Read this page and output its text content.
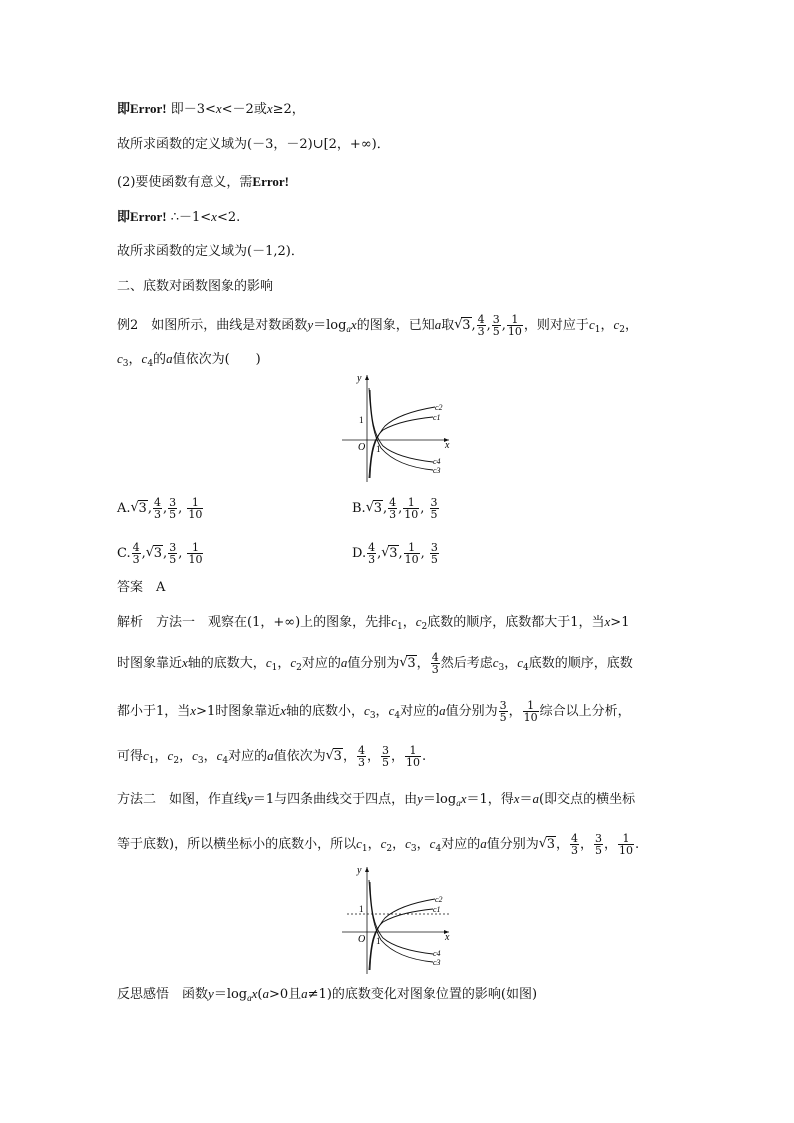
即Error! 即－3<x<－2或x≥2，
故所求函数的定义域为(－3，－2)∪[2，+∞)．
(2)要使函数有意义，需Error!
即Error! ∴－1<x<2.
故所求函数的定义域为(－1,2)．
二、底数对函数图象的影响
例2　 如图所示，曲线是对数函数$y=\log_ax$的图象，已知a取 √ 3, $\frac{4}{3}$ , $\frac{3}{5}$ , $\frac{1}{10}$ ，则对应于$c_1$，$c_2$，
$c_3$，$c_4$的a值依次为(　　)
y
x
O
1
1
c2
c1
c4
c3
A. √ 3, $\frac{4}{3}$ , $\frac{3}{5}$ , $\frac{1}{10}$	B. √ 3, $\frac{4}{3}$ , $\frac{1}{10}$ , $\frac{3}{5}$
C. $\frac{4}{3}$ , √ 3, $\frac{3}{5}$ , $\frac{1}{10}$	D. $\frac{4}{3}$ , √ 3, $\frac{1}{10}$ , $\frac{3}{5}$
答案　 A
解析　 方法一　观察在(1，+∞)上的图象，先排$c_1$，$c_2$底数的顺序，底数都大于1，当x>1
时图象靠近x轴的底数大，$c_1$，$c_2$对应的a值分别为 √ 3， $\frac{4}{3}$ 然后考虑$c_3$，$c_4$底数的顺序，底数
都小于1，当x>1时图象靠近x轴的底数小，$c_3$，$c_4$对应的a值分别为 $\frac{3}{5}$ ， $\frac{1}{10}$ 综合以上分析，
可得$c_1$，$c_2$，$c_3$，$c_4$对应的a值依次为 √ 3， $\frac{4}{3}$ ， $\frac{3}{5}$ ， $\frac{1}{10}$ .
方法二　如图，作直线y＝1与四条曲线交于四点，由$y=\log_ax=1$，得x＝a(即交点的横坐标
等于底数)，所以横坐标小的底数小，所以$c_1$，$c_2$，$c_3$，$c_4$对应的a值分别为 √ 3， $\frac{4}{3}$ ， $\frac{3}{5}$ ， $\frac{1}{10}$ .
y
x
O
1
1
c2
c1
c4
c3
反思感悟　函数$y=\log_ax(a>0$且a≠1)的底数变化对图象位置的影响(如图)
